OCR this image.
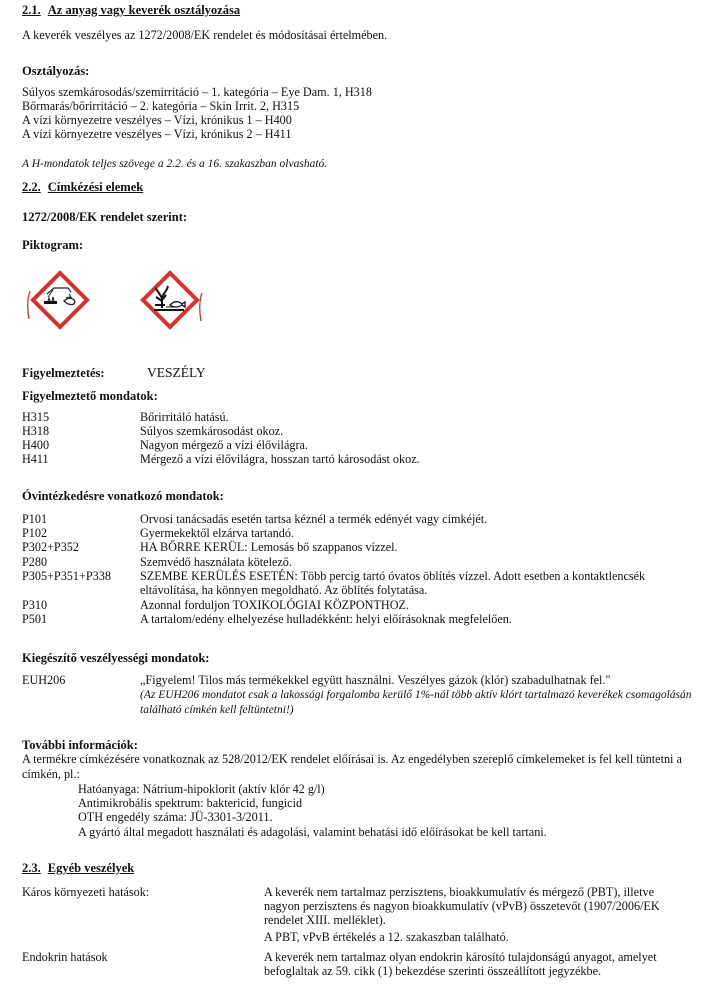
2.1. Az anyag vagy keverék osztályozása
A keverék veszélyes az 1272/2008/EK rendelet és módosításai értelmében.
Osztályozás:
Súlyos szemkárosodás/szemirritáció – 1. kategória – Eye Dam. 1, H318
Bőrmarás/bőrirritáció – 2. kategória – Skin Irrit. 2, H315
A vízi környezetre veszélyes – Vízi, krónikus 1 – H400
A vízi környezetre veszélyes – Vízi, krónikus 2 – H411
A H-mondatok teljes szövege a 2.2. és a 16. szakaszban olvasható.
2.2. Címkézési elemek
1272/2008/EK rendelet szerint:
Piktogram:
Figyelmeztetés:	VESZÉLY
Figyelmeztető mondatok:
H315	Bőrirritáló hatású.
H318	Súlyos szemkárosodást okoz.
H400	Nagyon mérgező a vízi élővilágra.
H411	Mérgező a vízi élővilágra, hosszan tartó károsodást okoz.
Óvintézkedésre vonatkozó mondatok:
P101	Orvosi tanácsadás esetén tartsa kéznél a termék edényét vagy címkéjét.
P102	Gyermekektől elzárva tartandó.
P302+P352	HA BŐRRE KERÜL: Lemosás bő szappanos vízzel.
P280	Szemvédő használata kötelező.
P305+P351+P338 SZEMBE KERÜLÉS ESETÉN: Több percig tartó óvatos öblítés vízzel. Adott esetben a kontaktlencsék
eltávolítása, ha könnyen megoldható. Az öblítés folytatása.
P310	Azonnal forduljon TOXIKOLÓGIAI KÖZPONTHOZ.
P501	A tartalom/edény elhelyezése hulladékként: helyi előírásoknak megfelelően.
Kiegészítő veszélyességi mondatok:
EUH206	„Figyelem! Tilos más termékekkel együtt használni. Veszélyes gázok (klór) szabadulhatnak fel."
(Az EUH206 mondatot csak a lakossági forgalomba kerülő 1%-nál több aktív klórt tartalmazó keverékek csomagolásán
található címkén kell feltüntetni!)
További információk:
A termékre címkézésére vonatkoznak az 528/2012/EK rendelet előírásai is. Az engedélyben szereplő címkelemeket is fel kell tüntetni a
címkén, pl.:
Hatóanyaga: Nátrium-hipoklorit (aktív klór 42 g/l)
Antimikrobális spektrum: baktericid, fungicid
OTH engedély száma: JÜ-3301-3/2011.
A gyártó által megadott használati és adagolási, valamint behatási idő előírásokat be kell tartani.
2.3. Egyéb veszélyek
Káros környezeti hatások:	A keverék nem tartalmaz perzisztens, bioakkumulatív és mérgező (PBT), illetve
nagyon perzisztens és nagyon bioakkumulatív (vPvB) összetevőt (1907/2006/EK
rendelet XIII. melléklet).
A PBT, vPvB értékelés a 12. szakaszban található.
Endokrin hatások	A keverék nem tartalmaz olyan endokrin károsító tulajdonságú anyagot, amelyet
befoglaltak az 59. cikk (1) bekezdése szerinti összeállított jegyzékbe.
